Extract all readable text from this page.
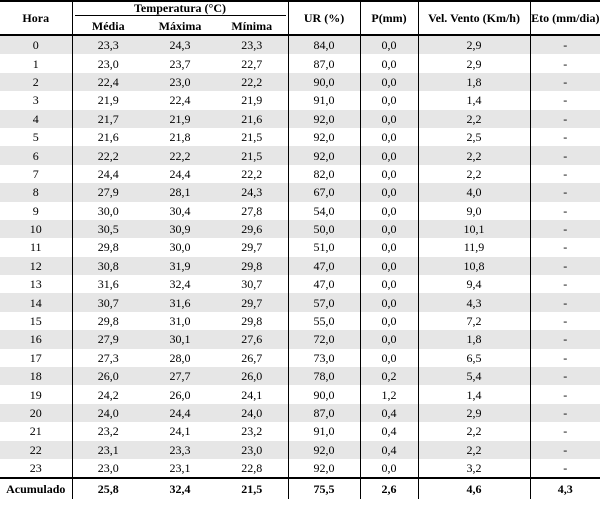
Hora	Temperatura (°C)			UR (%)	P(mm)	Vel. Vento (Km/h)	Eto (mm/dia)
	Média	Máxima	Mínima				
0	23,3	24,3	23,3	84,0	0,0	2,9	-
1	23,0	23,7	22,7	87,0	0,0	2,9	-
2	22,4	23,0	22,2	90,0	0,0	1,8	-
3	21,9	22,4	21,9	91,0	0,0	1,4	-
4	21,7	21,9	21,6	92,0	0,0	2,2	-
5	21,6	21,8	21,5	92,0	0,0	2,5	-
6	22,2	22,2	21,5	92,0	0,0	2,2	-
7	24,4	24,4	22,2	82,0	0,0	2,2	-
8	27,9	28,1	24,3	67,0	0,0	4,0	-
9	30,0	30,4	27,8	54,0	0,0	9,0	-
10	30,5	30,9	29,6	50,0	0,0	10,1	-
11	29,8	30,0	29,7	51,0	0,0	11,9	-
12	30,8	31,9	29,8	47,0	0,0	10,8	-
13	31,6	32,4	30,7	47,0	0,0	9,4	-
14	30,7	31,6	29,7	57,0	0,0	4,3	-
15	29,8	31,0	29,8	55,0	0,0	7,2	-
16	27,9	30,1	27,6	72,0	0,0	1,8	-
17	27,3	28,0	26,7	73,0	0,0	6,5	-
18	26,0	27,7	26,0	78,0	0,2	5,4	-
19	24,2	26,0	24,1	90,0	1,2	1,4	-
20	24,0	24,4	24,0	87,0	0,4	2,9	-
21	23,2	24,1	23,2	91,0	0,4	2,2	-
22	23,1	23,3	23,0	92,0	0,4	2,2	-
23	23,0	23,1	22,8	92,0	0,0	3,2	-
Acumulado	25,8	32,4	21,5	75,5	2,6	4,6	4,3
